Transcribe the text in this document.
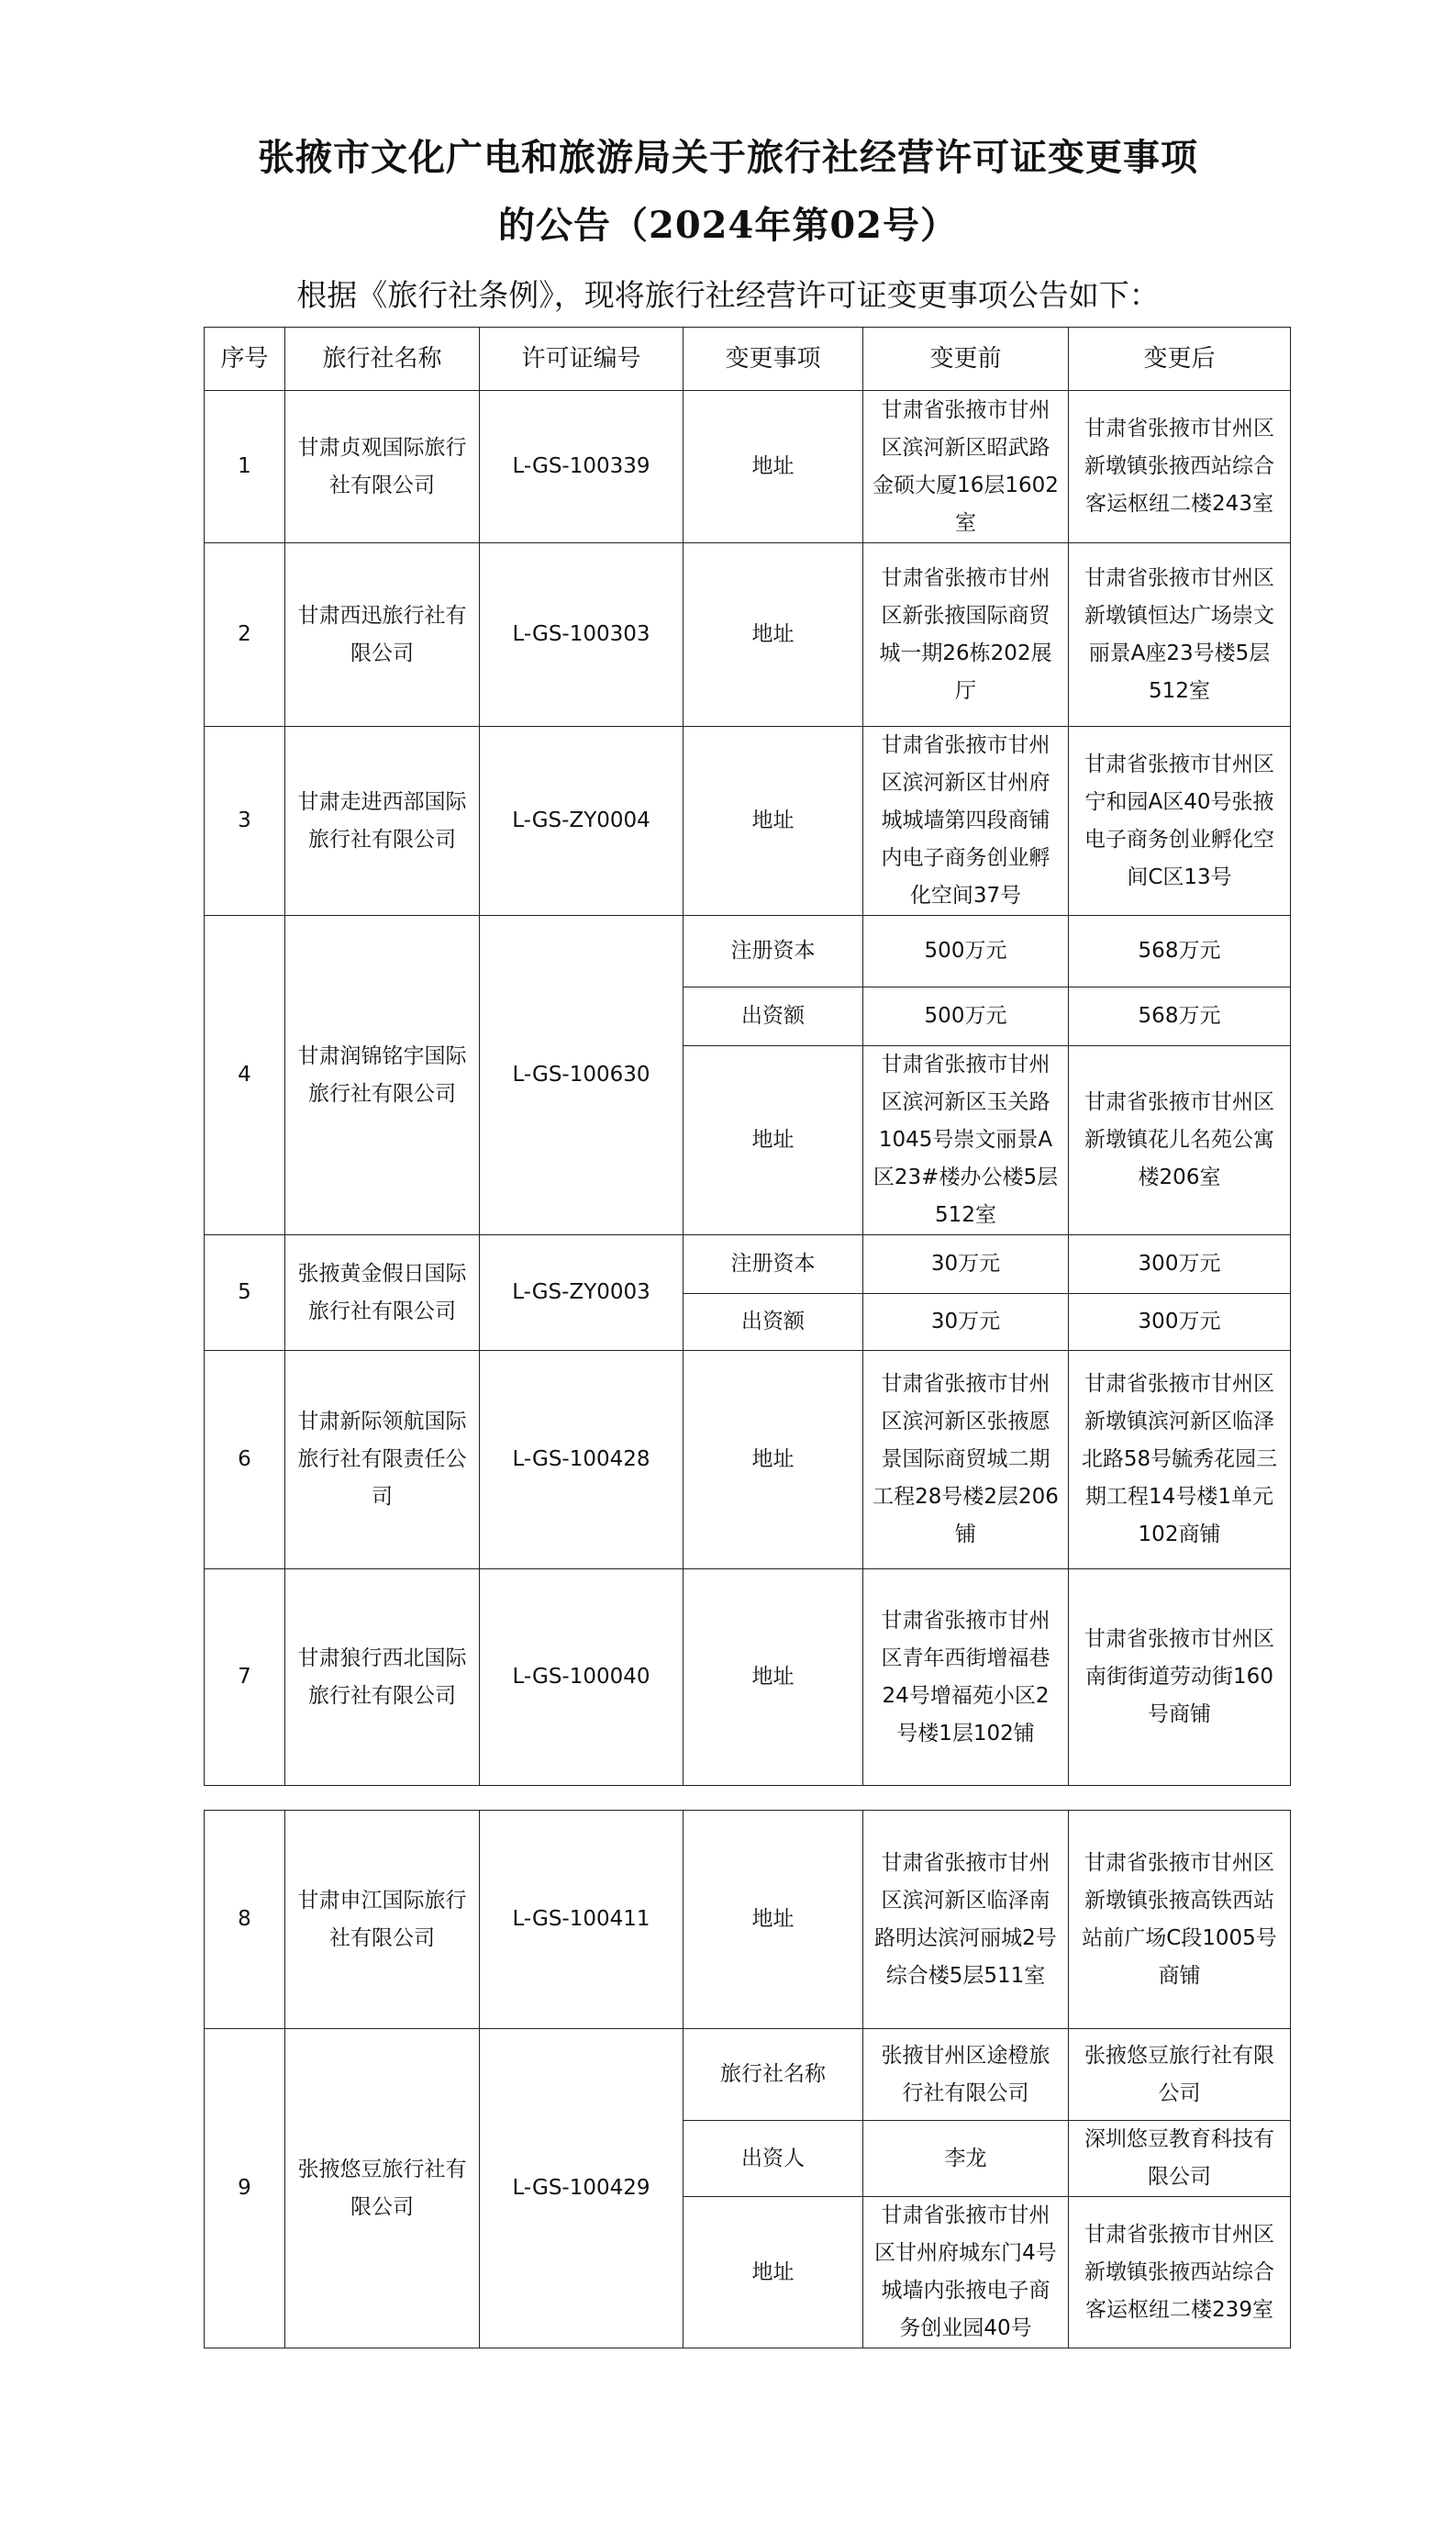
张掖市文化广电和旅游局关于旅行社经营许可证变更事项
的公告（2024年第02号）
根据《旅行社条例》，现将旅行社经营许可证变更事项公告如下：
序号	旅行社名称	许可证编号	变更事项	变更前	变更后
1	甘肃贞观国际旅行社有限公司	L-GS-100339	地址	甘肃省张掖市甘州区滨河新区昭武路金硕大厦16层1602室	甘肃省张掖市甘州区新墩镇张掖西站综合客运枢纽二楼243室
2	甘肃西迅旅行社有限公司	L-GS-100303	地址	甘肃省张掖市甘州区新张掖国际商贸城一期26栋202展厅	甘肃省张掖市甘州区新墩镇恒达广场崇文丽景A座23号楼5层512室
3	甘肃走进西部国际旅行社有限公司	L-GS-ZY0004	地址	甘肃省张掖市甘州区滨河新区甘州府城城墙第四段商铺内电子商务创业孵化空间37号	甘肃省张掖市甘州区宁和园A区40号张掖电子商务创业孵化空间C区13号
4	甘肃润锦铭宇国际旅行社有限公司	L-GS-100630	注册资本	500万元	568万元
			出资额	500万元	568万元
			地址	甘肃省张掖市甘州区滨河新区玉关路1045号崇文丽景A区23#楼办公楼5层512室	甘肃省张掖市甘州区新墩镇花儿名苑公寓楼206室
5	张掖黄金假日国际旅行社有限公司	L-GS-ZY0003	注册资本	30万元	300万元
			出资额	30万元	300万元
6	甘肃新际领航国际旅行社有限责任公司	L-GS-100428	地址	甘肃省张掖市甘州区滨河新区张掖愿景国际商贸城二期工程28号楼2层206铺	甘肃省张掖市甘州区新墩镇滨河新区临泽北路58号毓秀花园三期工程14号楼1单元102商铺
7	甘肃狼行西北国际旅行社有限公司	L-GS-100040	地址	甘肃省张掖市甘州区青年西街增福巷24号增福苑小区2号楼1层102铺	甘肃省张掖市甘州区南街街道劳动街160号商铺
8	甘肃申江国际旅行社有限公司	L-GS-100411	地址	甘肃省张掖市甘州区滨河新区临泽南路明达滨河丽城2号综合楼5层511室	甘肃省张掖市甘州区新墩镇张掖高铁西站站前广场C段1005号商铺
9	张掖悠豆旅行社有限公司	L-GS-100429	旅行社名称	张掖甘州区途橙旅行社有限公司	张掖悠豆旅行社有限公司
			出资人	李龙	深圳悠豆教育科技有限公司
			地址	甘肃省张掖市甘州区甘州府城东门4号城墙内张掖电子商务创业园40号	甘肃省张掖市甘州区新墩镇张掖西站综合客运枢纽二楼239室
